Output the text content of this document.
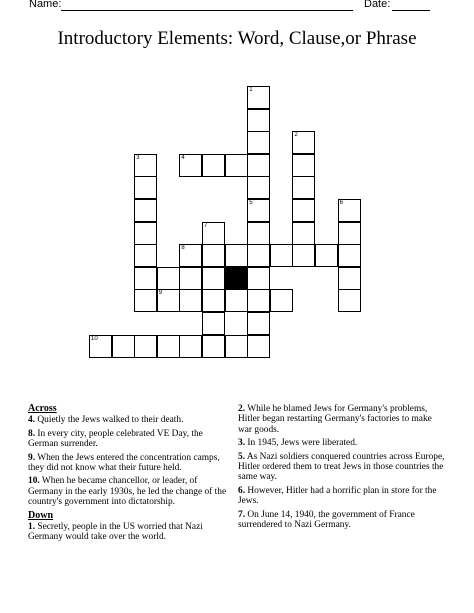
Name:	Date:
Introductory Elements: Word, Clause,or Phrase
1
2
3	4
5	6
7
8
9
10
Across
4. Quietly the Jews walked to their death.
8. In every city, people celebrated VE Day, the German surrender.
9. When the Jews entered the concentration camps, they did not know what their future held.
10. When he became chancellor, or leader, of Germany in the early 1930s, he led the change of the country's government into dictatorship.
Down
1. Secretly, people in the US worried that Nazi Germany would take over the world.
2. While he blamed Jews for Germany's problems, Hitler began restarting Germany's factories to make war goods.
3. In 1945, Jews were liberated.
5. As Nazi soldiers conquered countries across Europe, Hitler ordered them to treat Jews in those countries the same way.
6. However, Hitler had a horrific plan in store for the Jews.
7. On June 14, 1940, the government of France surrendered to Nazi Germany.
